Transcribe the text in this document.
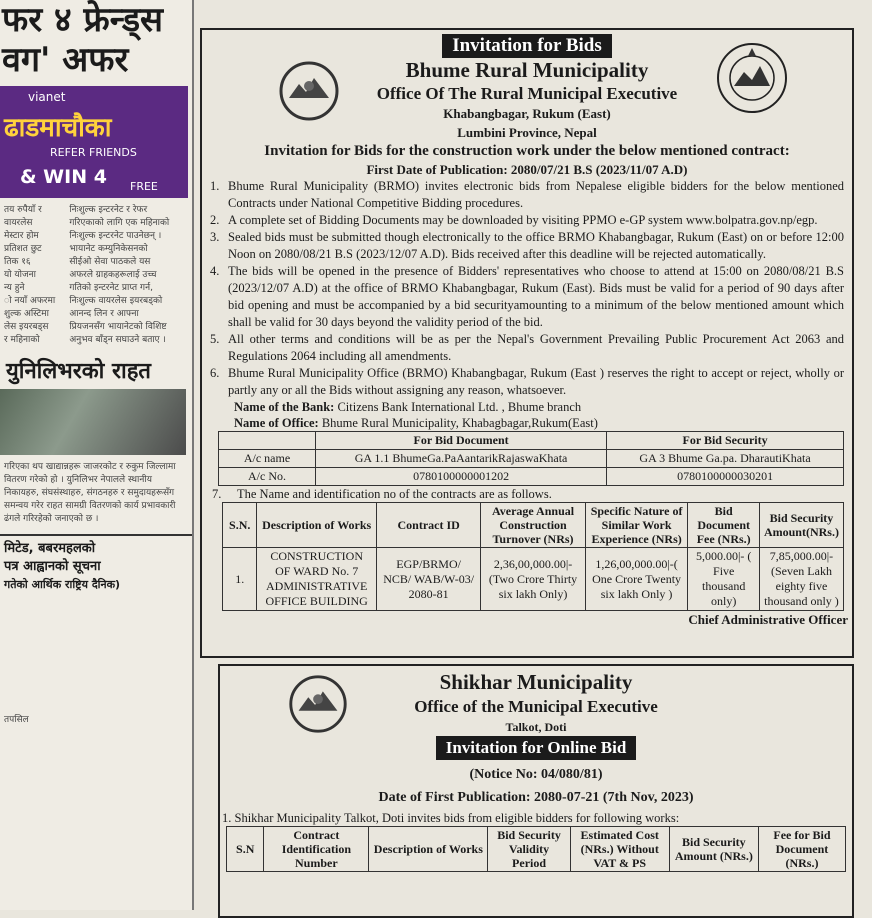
फर ४ फ्रेन्ड्स
वग' अफर
vianet
ढाडमाचौका
REFER FRIENDS
& WIN 4 FREE
तय रुपैयाँ र
वायरलेस
मेस्टार होम
प्रतिशत छुट
तिक १६
यो योजना
न्य हुने
ो नयाँ अफरमा
शुल्क अस्टिमा
लेस इयरबड्स
र महिनाको
निःशुल्क इन्टरनेट र रेफर
गरिएकाको लागि एक महिनाको
निःशुल्क इन्टरनेट पाउनेछन् ।
भायानेट कम्युनिकेसनको
सीईओ सेवा पाठकले यस
अफरले ग्राहकहरूलाई उच्च
गतिको इन्टरनेट प्राप्त गर्न,
निःशुल्क वायरलेस इयरबड्को
आनन्द लिन र आफ्ना
प्रियजनसँग भायानेटको विशिष्ट
अनुभव बाँड्न सघाउने बताए ।
युनिलिभरको राहत
गरिएका थप खाद्यान्नहरू जाजरकोट र रुकुम जिल्लामा वितरण गरेको हो । युनिलिभर नेपालले स्थानीय निकायहरु, संघसंस्थाहरु, संगठनहरु र समुदायहरूसँग समन्वय गरेर राहत सामग्री वितरणको कार्य प्रभावकारी ढंगले गरिरहेको जनाएको छ ।
मिटेड, बबरमहलको
पत्र आह्वानको सूचना
गतेको आर्थिक राष्ट्रिय दैनिक)
तपसिल
Invitation for Bids
Bhume Rural Municipality
Office Of The Rural Municipal Executive
Khabangbagar, Rukum (East)
Lumbini Province, Nepal
Invitation for Bids for the construction work under the below mentioned contract:
First Date of Publication: 2080/07/21 B.S (2023/11/07 A.D)
1. Bhume Rural Municipality (BRMO) invites electronic bids from Nepalese eligible bidders for the below mentioned Contracts under National Competitive Bidding procedures.
2. A complete set of Bidding Documents may be downloaded by visiting PPMO e-GP system www.bolpatra.gov.np/egp.
3. Sealed bids must be submitted though electronically to the office BRMO Khabangbagar, Rukum (East) on or before 12:00 Noon on 2080/08/21 B.S (2023/12/07 A.D). Bids received after this deadline will be rejected automatically.
4. The bids will be opened in the presence of Bidders' representatives who choose to attend at 15:00 on 2080/08/21 B.S (2023/12/07 A.D) at the office of BRMO Khabangbagar, Rukum (East). Bids must be valid for a period of 90 days after bid opening and must be accompanied by a bid securityamounting to a minimum of the below mentioned amount which shall be valid for 30 days beyond the validity period of the bid.
5. All other terms and conditions will be as per the Nepal's Government Prevailing Public Procurement Act 2063 and Regulations 2064 including all amendments.
6. Bhume Rural Municipality Office (BRMO) Khabangbagar, Rukum (East ) reserves the right to accept or reject, wholly or partly any or all the Bids without assigning any reason, whatsoever.
Name of the Bank: Citizens Bank International Ltd. , Bhume branch
Name of Office: Bhume Rural Municipality, Khabagbagar,Rukum(East)
	For Bid Document	For Bid Security
A/c name	GA 1.1 BhumeGa.PaAantarikRajaswaKhata	GA 3 Bhume Ga.pa. DharautiKhata
A/c No.	0780100000001202	0780100000030201
7. The Name and identification no of the contracts are as follows.
S.N.	Description of Works	Contract ID	Average Annual Construction Turnover (NRs)	Specific Nature of Similar Work Experience (NRs)	Bid Document Fee (NRs.)	Bid Security Amount(NRs.)
1.	CONSTRUCTION OF WARD No. 7 ADMINISTRATIVE OFFICE BUILDING	EGP/BRMO/ NCB/ WAB/W-03/ 2080-81	2,36,00,000.00|- (Two Crore Thirty six lakh Only)	1,26,00,000.00|-( One Crore Twenty six lakh Only )	5,000.00|- ( Five thousand only)	7,85,000.00|- (Seven Lakh eighty five thousand only )
Chief Administrative Officer
Shikhar Municipality
Office of the Municipal Executive
Talkot, Doti
Invitation for Online Bid
(Notice No: 04/080/81)
Date of First Publication: 2080-07-21 (7th Nov, 2023)
1. Shikhar Municipality Talkot, Doti invites bids from eligible bidders for following works:
S.N	Contract Identification Number	Description of Works	Bid Security Validity Period	Estimated Cost (NRs.) Without VAT & PS	Bid Security Amount (NRs.)	Fee for Bid Document (NRs.)
